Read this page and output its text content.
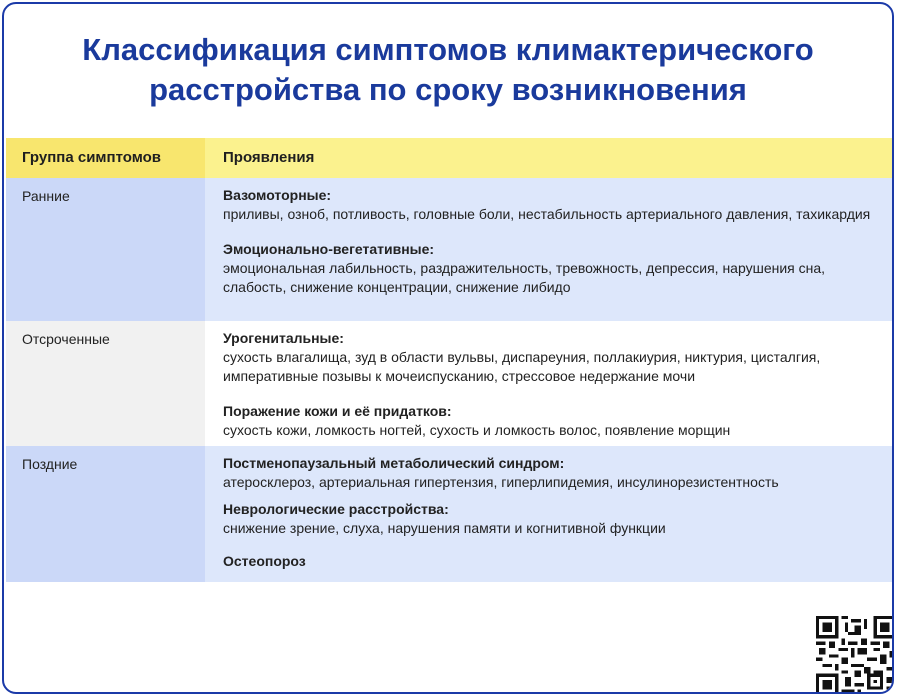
Классификация симптомов климактерического расстройства по сроку возникновения
Группа симптомов	Проявления
Ранние	Вазомоторные:
приливы, озноб, потливость, головные боли, нестабильность артериального давления, тахикардия
Эмоционально-вегетативные:
эмоциональная лабильность, раздражительность, тревожность, депрессия, нарушения сна, слабость, снижение концентрации, снижение либидо
Отсроченные	Урогенитальные:
сухость влагалища, зуд в области вульвы, диспареуния, поллакиурия, никтурия, цисталгия, императивные позывы к мочеиспусканию, стрессовое недержание мочи
Поражение кожи и её придатков:
сухость кожи, ломкость ногтей, сухость и ломкость волос, появление морщин
Поздние	Постменопаузальный метаболический синдром:
атеросклероз, артериальная гипертензия, гиперлипидемия, инсулинорезистентность
Неврологические расстройства:
снижение зрение, слуха, нарушения памяти и когнитивной функции
Остеопороз
